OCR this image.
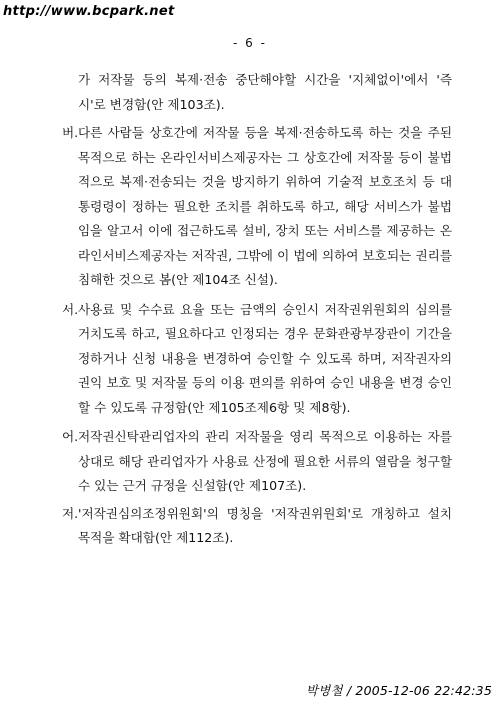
http://www.bcpark.net
- 6 -
가 저작물 등의 복제·전송 중단해야할 시간을 '지체없이'에서 '즉시'로 변경함(안 제103조).
버. 다른 사람들 상호간에 저작물 등을 복제·전송하도록 하는 것을 주된 목적으로 하는 온라인서비스제공자는 그 상호간에 저작물 등이 불법적으로 복제·전송되는 것을 방지하기 위하여 기술적 보호조치 등 대통령령이 정하는 필요한 조치를 취하도록 하고, 해당 서비스가 불법임을 알고서 이에 접근하도록 설비, 장치 또는 서비스를 제공하는 온라인서비스제공자는 저작권, 그밖에 이 법에 의하여 보호되는 권리를 침해한 것으로 봄(안 제104조 신설).
서. 사용료 및 수수료 요율 또는 금액의 승인시 저작권위원회의 심의를 거치도록 하고, 필요하다고 인정되는 경우 문화관광부장관이 기간을 정하거나 신청 내용을 변경하여 승인할 수 있도록 하며, 저작권자의 권익 보호 및 저작물 등의 이용 편의를 위하여 승인 내용을 변경 승인할 수 있도록 규정함(안 제105조제6항 및 제8항).
어. 저작권신탁관리업자의 관리 저작물을 영리 목적으로 이용하는 자를 상대로 해당 관리업자가 사용료 산정에 필요한 서류의 열람을 청구할 수 있는 근거 규정을 신설함(안 제107조).
저. '저작권심의조정위원회'의 명칭을 '저작권위원회'로 개칭하고 설치 목적을 확대함(안 제112조).
박병철 / 2005-12-06 22:42:35
